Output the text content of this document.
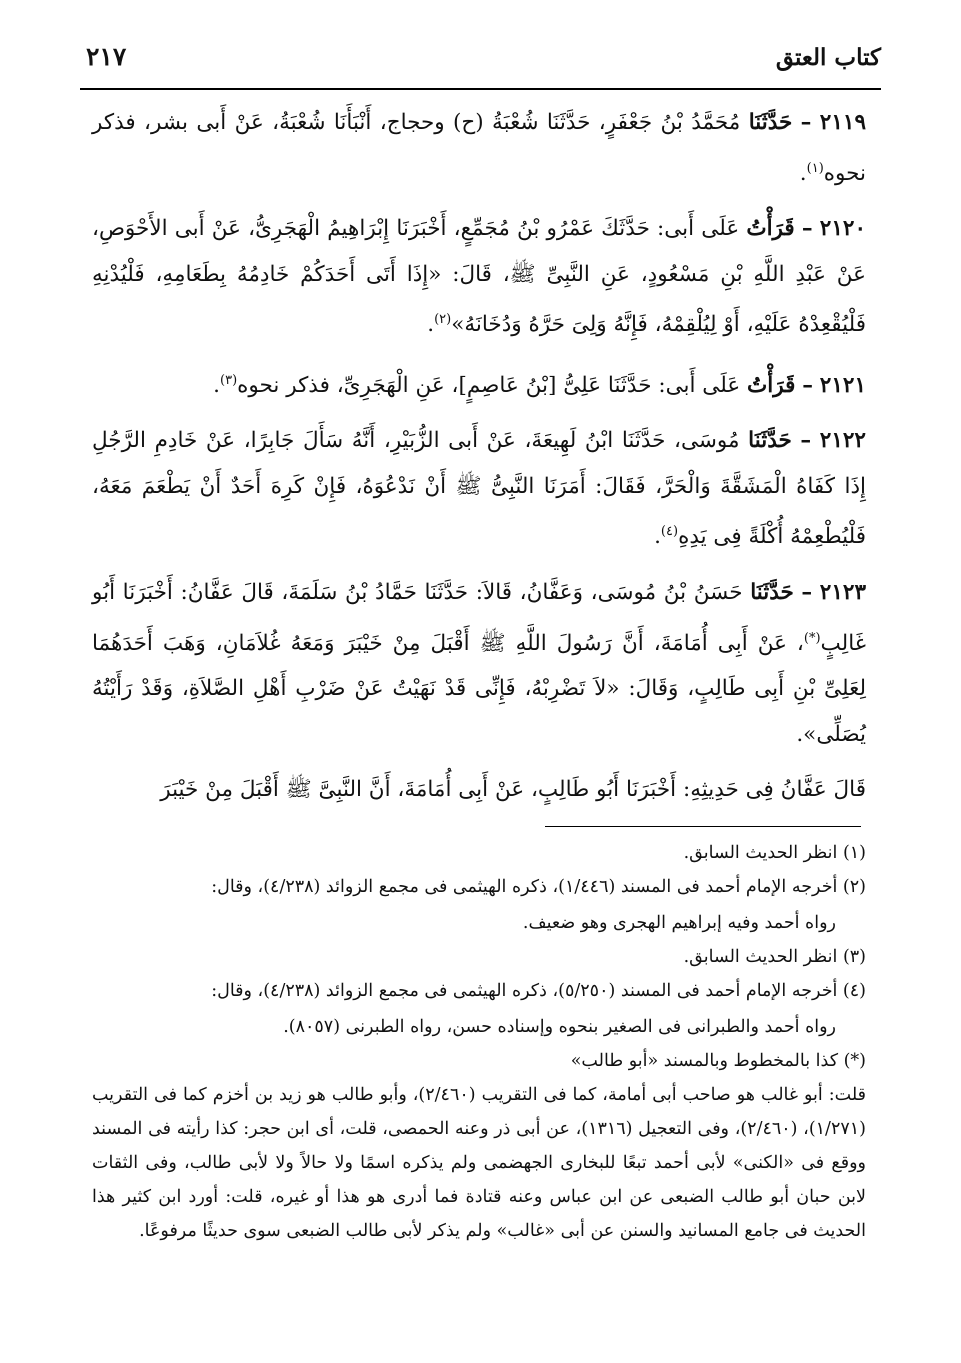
كتاب العتق
٢١٧

٢١١٩ – حَدَّثَنَا مُحَمَّدُ بْنُ جَعْفَرٍ، حَدَّثَنَا شُعْبَةُ (ح) وحجاج، أَنْبَأَنَا شُعْبَةُ، عَنْ أَبى بشر، فذكر نحوه$^{(١)}$.

٢١٢٠ – قَرَأْتُ عَلَى أَبى: حَدَّثَكَ عَمْرُو بْنُ مُجَمِّعٍ، أَخْبَرَنَا إِبْرَاهِيمُ الْهَجَرِىُّ، عَنْ أَبى الأَحْوَصِ، عَنْ عَبْدِ اللَّهِ بْنِ مَسْعُودٍ، عَنِ النَّبِىِّ ﷺ، قَالَ: «إِذَا أَتَى أَحَدَكُمْ خَادِمُهُ بِطَعَامِهِ، فَلْيُدْنِهِ فَلْيُقْعِدْهُ عَلَيْهِ، أَوْ لِيُلْقِمْهُ، فَإِنَّهُ وَلِىَ حَرَّهُ وَدُخَانَهُ»$^{(٢)}$.

٢١٢١ – قَرَأْتُ عَلَى أَبى: حَدَّثَنَا عَلِىُّ [بْنُ عَاصِمٍ]، عَنِ الْهَجَرِىِّ، فذكر نحوه$^{(٣)}$.

٢١٢٢ – حَدَّثَنَا مُوسَى، حَدَّثَنَا ابْنُ لَهِيعَةَ، عَنْ أَبى الزُّبَيْرِ، أَنَّهُ سَأَلَ جَابِرًا، عَنْ خَادِمِ الرَّجُلِ إِذَا كَفَاهُ الْمَشَقَّةَ وَالْحَرَّ، فَقَالَ: أَمَرَنَا النَّبِىُّ ﷺ أَنْ نَدْعُوَهُ، فَإِنْ كَرِهَ أَحَدٌ أَنْ يَطْعَمَ مَعَهُ، فَلْيُطْعِمْهُ أُكْلَةً فِى يَدِهِ$^{(٤)}$.

٢١٢٣ – حَدَّثَنَا حَسَنُ بْنُ مُوسَى، وَعَفَّانُ، قَالاَ: حَدَّثَنَا حَمَّادُ بْنُ سَلَمَةَ، قَالَ عَفَّانُ: أَخْبَرَنَا أَبُو غَالِبٍ(*)، عَنْ أَبِى أُمَامَةَ، أَنَّ رَسُولَ اللَّهِ ﷺ أَقْبَلَ مِنْ خَيْبَرَ وَمَعَهُ غُلاَمَانِ، وَهَبَ أَحَدَهُمَا لِعَلِىِّ بْنِ أَبِى طَالِبٍ، وَقَالَ: «لاَ تَضْرِبْهُ، فَإِنِّى قَدْ نَهَيْتُ عَنْ ضَرْبِ أَهْلِ الصَّلاَةِ، وَقَدْ رَأَيْتُهُ يُصَلِّى».

قَالَ عَفَّانُ فِى حَدِيثِهِ: أَخْبَرَنَا أَبُو طَالِبٍ، عَنْ أَبِى أُمَامَةَ، أَنَّ النَّبِىَّ ﷺ أَقْبَلَ مِنْ خَيْبَرَ

(١) انظر الحديث السابق.

(٢) أخرجه الإمام أحمد فى المسند (١/٤٤٦)، ذكره الهيثمى فى مجمع الزوائد (٤/٢٣٨)، وقال:

رواه أحمد وفيه إبراهيم الهجرى وهو ضعيف.

(٣) انظر الحديث السابق.

(٤) أخرجه الإمام أحمد فى المسند (٥/٢٥٠)، ذكره الهيثمى فى مجمع الزوائد (٤/٢٣٨)، وقال:

رواه أحمد والطبرانى فى الصغير بنحوه وإسناده حسن، رواه الطبرنى (٨٠٥٧).

(*) كذا بالمخطوط وبالمسند «أبو طالب»

قلت: أبو غالب هو صاحب أبى أمامة، كما فى التقريب (٢/٤٦٠)، وأبو طالب هو زيد بن أخزم كما فى التقريب (١/٢٧١)، (٢/٤٦٠)، وفى التعجيل (١٣١٦)، عن أبى ذر وعنه الحمصى، قلت، أى ابن حجر: كذا رأيته فى المسند ووقع فى «الكنى» لأبى أحمد تبعًا للبخارى الجهضمى ولم يذكره اسمًا ولا حالاً ولا لأبى طالب، وفى الثقات لابن حبان أبو طالب الضبعى عن ابن عباس وعنه قتادة فما أدرى هو هذا أو غيره، قلت: أورد ابن كثير هذا الحديث فى جامع المسانيد والسنن عن أبى «غالب» ولم يذكر لأبى طالب الضبعى سوى حديثًا مرفوعًا.
